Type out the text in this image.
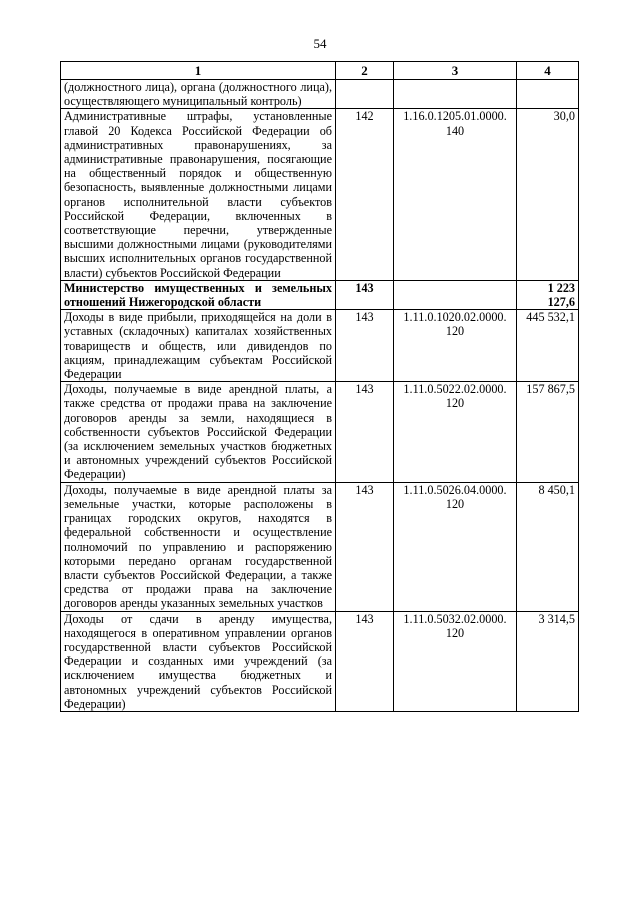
54
1	2	3	4
(должностного лица), органа (должностного лица), осуществляющего муниципальный контроль)			
Административные штрафы, установленные главой 20 Кодекса Российской Федерации об административных правонарушениях, за административные правонарушения, посягающие на общественный порядок и общественную безопасность, выявленные должностными лицами органов исполнительной власти субъектов Российской Федерации, включенных в соответствующие перечни, утвержденные высшими должностными лицами (руководителями высших исполнительных органов государственной власти) субъектов Российской Федерации	142	1.16.0.1205.01.0000. 140	30,0
Министерство имущественных и земельных отношений Нижегородской области	143		1 223 127,6
Доходы в виде прибыли, приходящейся на доли в уставных (складочных) капиталах хозяйственных товариществ и обществ, или дивидендов по акциям, принадлежащим субъектам Российской Федерации	143	1.11.0.1020.02.0000. 120	445 532,1
Доходы, получаемые в виде арендной платы, а также средства от продажи права на заключение договоров аренды за земли, находящиеся в собственности субъектов Российской Федерации (за исключением земельных участков бюджетных и автономных учреждений субъектов Российской Федерации)	143	1.11.0.5022.02.0000. 120	157 867,5
Доходы, получаемые в виде арендной платы за земельные участки, которые расположены в границах городских округов, находятся в федеральной собственности и осуществление полномочий по управлению и распоряжению которыми передано органам государственной власти субъектов Российской Федерации, а также средства от продажи права на заключение договоров аренды указанных земельных участков	143	1.11.0.5026.04.0000. 120	8 450,1
Доходы от сдачи в аренду имущества, находящегося в оперативном управлении органов государственной власти субъектов Российской Федерации и созданных ими учреждений (за исключением имущества бюджетных и автономных учреждений субъектов Российской Федерации)	143	1.11.0.5032.02.0000. 120	3 314,5
